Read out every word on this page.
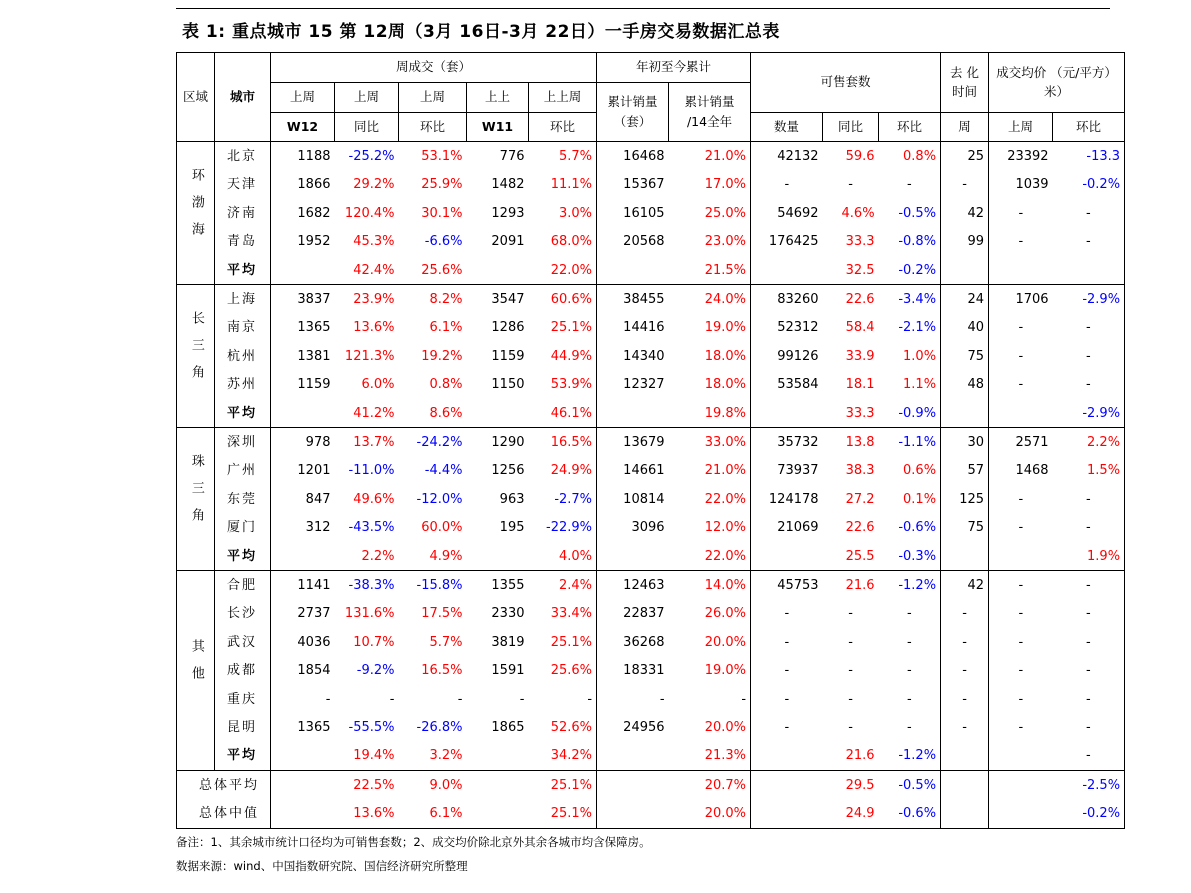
表 1: 重点城市 15 第 12周（3月 16日-3月 22日）一手房交易数据汇总表
区域	城市	周成交（套）					年初至今累计		可售套数			去 化 时间	成交均价 （元/平方）米）	
		上周	上周	上周	上上	上上周	累计销量（套）	累计销量 /14全年						
		W12	同比	环比	W11	环比			数量	同比	环比	周	上周	环比
环渤海	北京	1188	-25.2%	53.1%	776	5.7%	16468	21.0%	42132	59.6	0.8%	25	23392	-13.3
	天津	1866	29.2%	25.9%	1482	11.1%	15367	17.0%	-	-	-	-	1039	-0.2%
	济南	1682	120.4%	30.1%	1293	3.0%	16105	25.0%	54692	4.6%	-0.5%	42	-	-
	青岛	1952	45.3%	-6.6%	2091	68.0%	20568	23.0%	176425	33.3	-0.8%	99	-	-
	平均		42.4%	25.6%		22.0%		21.5%		32.5	-0.2%			
长三角	上海	3837	23.9%	8.2%	3547	60.6%	38455	24.0%	83260	22.6	-3.4%	24	1706	-2.9%
	南京	1365	13.6%	6.1%	1286	25.1%	14416	19.0%	52312	58.4	-2.1%	40	-	-
	杭州	1381	121.3%	19.2%	1159	44.9%	14340	18.0%	99126	33.9	1.0%	75	-	-
	苏州	1159	6.0%	0.8%	1150	53.9%	12327	18.0%	53584	18.1	1.1%	48	-	-
	平均		41.2%	8.6%		46.1%		19.8%		33.3	-0.9%			-2.9%
珠三角	深圳	978	13.7%	-24.2%	1290	16.5%	13679	33.0%	35732	13.8	-1.1%	30	2571	2.2%
	广州	1201	-11.0%	-4.4%	1256	24.9%	14661	21.0%	73937	38.3	0.6%	57	1468	1.5%
	东莞	847	49.6%	-12.0%	963	-2.7%	10814	22.0%	124178	27.2	0.1%	125	-	-
	厦门	312	-43.5%	60.0%	195	-22.9%	3096	12.0%	21069	22.6	-0.6%	75	-	-
	平均		2.2%	4.9%		4.0%		22.0%		25.5	-0.3%			1.9%
其他	合肥	1141	-38.3%	-15.8%	1355	2.4%	12463	14.0%	45753	21.6	-1.2%	42	-	-
	长沙	2737	131.6%	17.5%	2330	33.4%	22837	26.0%	-	-	-	-	-	-
	武汉	4036	10.7%	5.7%	3819	25.1%	36268	20.0%	-	-	-	-	-	-
	成都	1854	-9.2%	16.5%	1591	25.6%	18331	19.0%	-	-	-	-	-	-
	重庆	-	-	-	-	-	-	-	-	-	-	-	-	-
	昆明	1365	-55.5%	-26.8%	1865	52.6%	24956	20.0%	-	-	-	-	-	-
	平均		19.4%	3.2%		34.2%		21.3%		21.6	-1.2%			-
总体平均			22.5%	9.0%		25.1%		20.7%		29.5	-0.5%			-2.5%
总体中值			13.6%	6.1%		25.1%		20.0%		24.9	-0.6%			-0.2%
备注：1、其余城市统计口径均为可销售套数；2、成交均价除北京外其余各城市均含保障房。
数据来源：wind、中国指数研究院、国信经济研究所整理
